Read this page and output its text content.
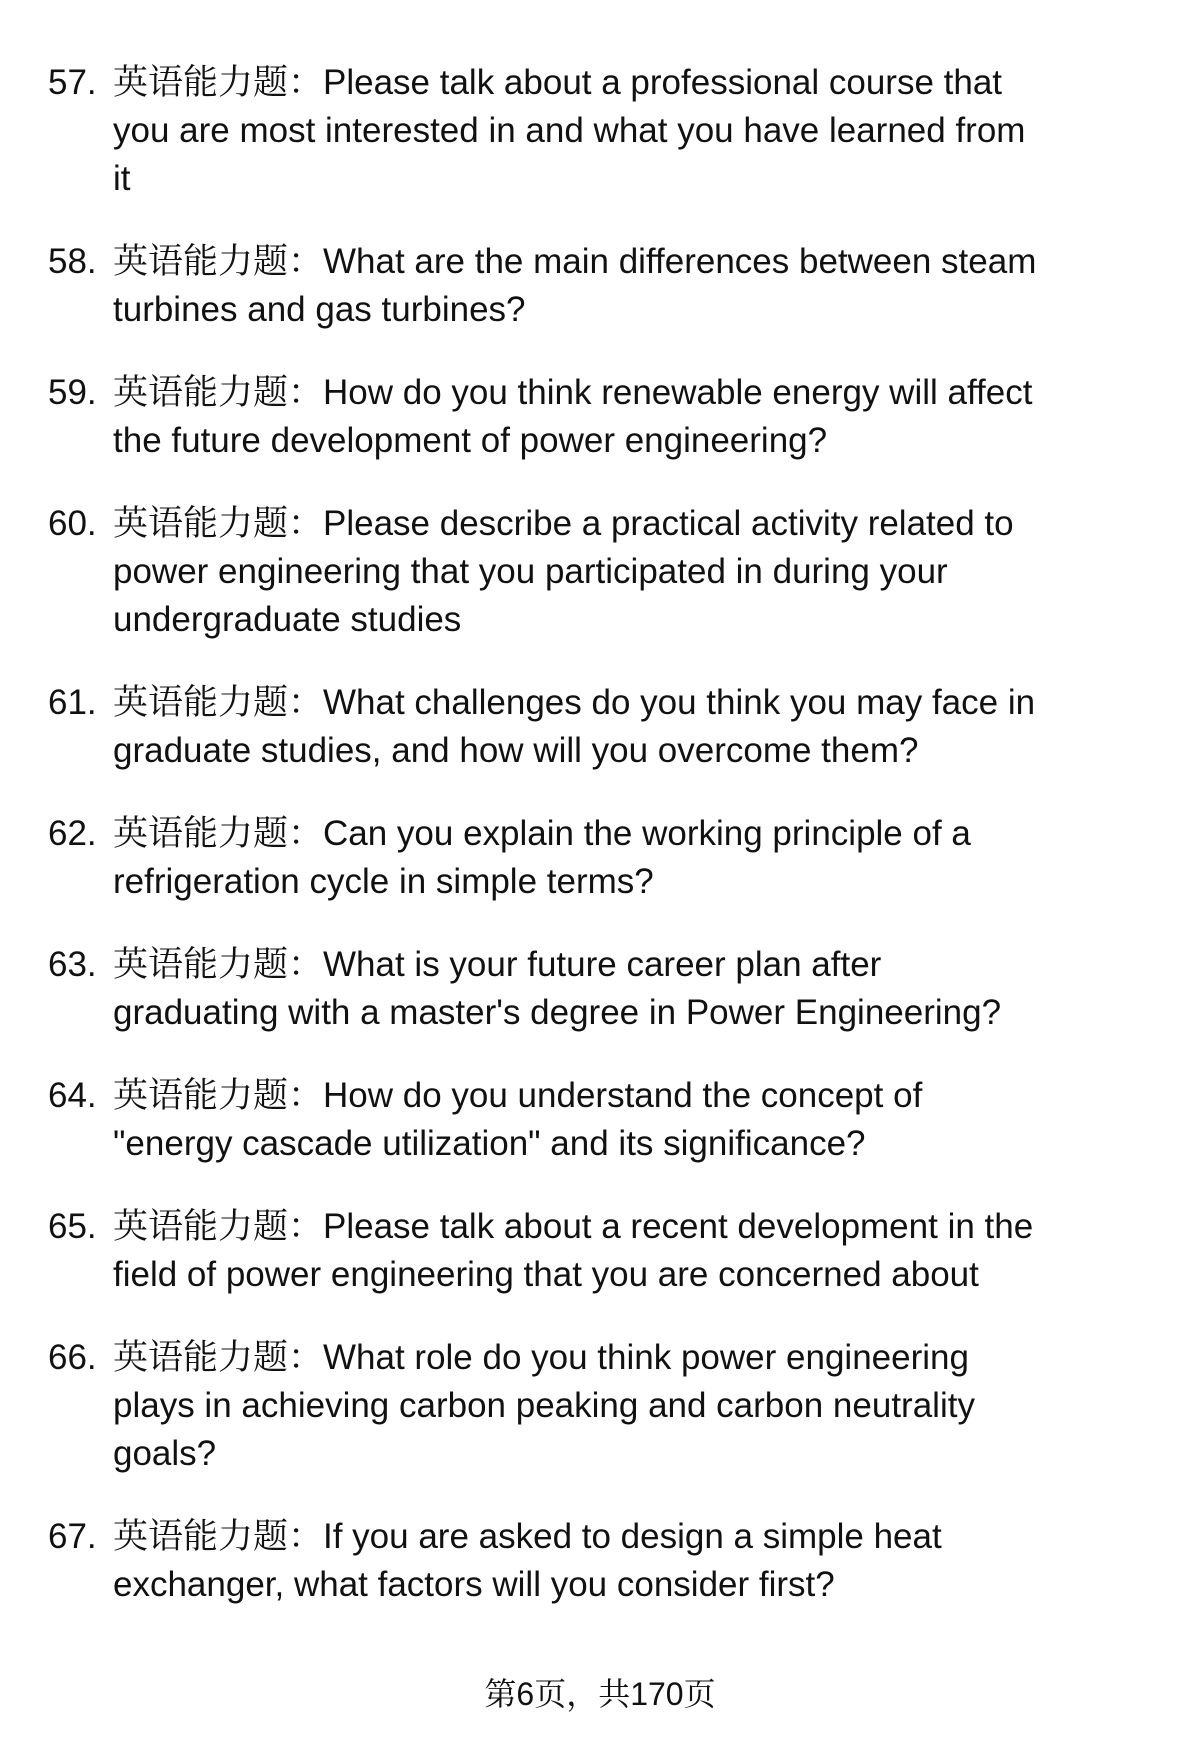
57. 英语能力题：Please talk about a professional course that
you are most interested in and what you have learned from
it
58. 英语能力题：What are the main differences between steam
turbines and gas turbines?
59. 英语能力题：How do you think renewable energy will affect
the future development of power engineering?
60. 英语能力题：Please describe a practical activity related to
power engineering that you participated in during your
undergraduate studies
61. 英语能力题：What challenges do you think you may face in
graduate studies, and how will you overcome them?
62. 英语能力题：Can you explain the working principle of a
refrigeration cycle in simple terms?
63. 英语能力题：What is your future career plan after
graduating with a master's degree in Power Engineering?
64. 英语能力题：How do you understand the concept of
"energy cascade utilization" and its significance?
65. 英语能力题：Please talk about a recent development in the
field of power engineering that you are concerned about
66. 英语能力题：What role do you think power engineering
plays in achieving carbon peaking and carbon neutrality
goals?
67. 英语能力题：If you are asked to design a simple heat
exchanger, what factors will you consider first?
第6页，共170页
